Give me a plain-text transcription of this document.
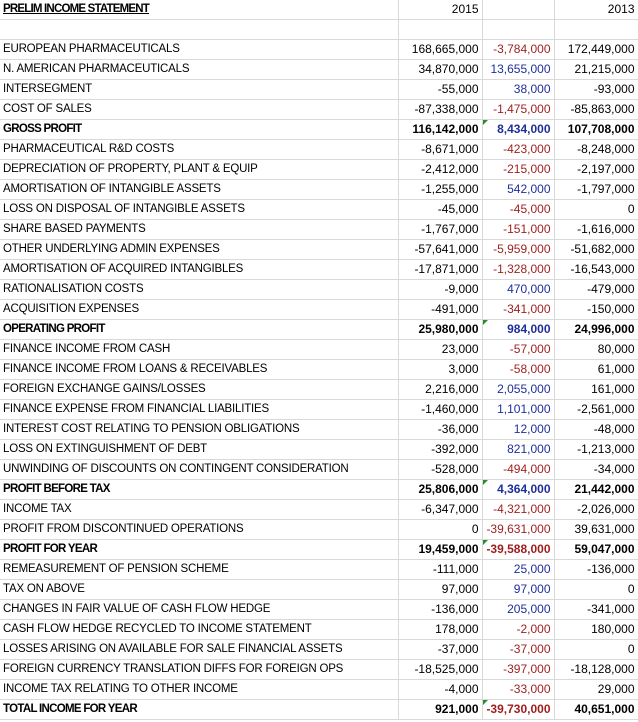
PRELIM INCOME STATEMENT	2015		2013

EUROPEAN PHARMACEUTICALS	168,665,000	-3,784,000	172,449,000
N. AMERICAN PHARMACEUTICALS	34,870,000	13,655,000	21,215,000
INTERSEGMENT	-55,000	38,000	-93,000
COST OF SALES	-87,338,000	-1,475,000	-85,863,000
GROSS PROFIT	116,142,000	8,434,000	107,708,000
PHARMACEUTICAL R&D COSTS	-8,671,000	-423,000	-8,248,000
DEPRECIATION OF PROPERTY, PLANT & EQUIP	-2,412,000	-215,000	-2,197,000
AMORTISATION OF INTANGIBLE ASSETS	-1,255,000	542,000	-1,797,000
LOSS ON DISPOSAL OF INTANGIBLE ASSETS	-45,000	-45,000	0
SHARE BASED PAYMENTS	-1,767,000	-151,000	-1,616,000
OTHER UNDERLYING ADMIN EXPENSES	-57,641,000	-5,959,000	-51,682,000
AMORTISATION OF ACQUIRED INTANGIBLES	-17,871,000	-1,328,000	-16,543,000
RATIONALISATION COSTS	-9,000	470,000	-479,000
ACQUISITION EXPENSES	-491,000	-341,000	-150,000
OPERATING PROFIT	25,980,000	984,000	24,996,000
FINANCE INCOME FROM CASH	23,000	-57,000	80,000
FINANCE INCOME FROM LOANS & RECEIVABLES	3,000	-58,000	61,000
FOREIGN EXCHANGE GAINS/LOSSES	2,216,000	2,055,000	161,000
FINANCE EXPENSE FROM FINANCIAL LIABILITIES	-1,460,000	1,101,000	-2,561,000
INTEREST COST RELATING TO PENSION OBLIGATIONS	-36,000	12,000	-48,000
LOSS ON EXTINGUISHMENT OF DEBT	-392,000	821,000	-1,213,000
UNWINDING OF DISCOUNTS ON CONTINGENT CONSIDERATION	-528,000	-494,000	-34,000
PROFIT BEFORE TAX	25,806,000	4,364,000	21,442,000
INCOME TAX	-6,347,000	-4,321,000	-2,026,000
PROFIT FROM DISCONTINUED OPERATIONS	0	-39,631,000	39,631,000
PROFIT FOR YEAR	19,459,000	-39,588,000	59,047,000
REMEASUREMENT OF PENSION SCHEME	-111,000	25,000	-136,000
TAX ON ABOVE	97,000	97,000	0
CHANGES IN FAIR VALUE OF CASH FLOW HEDGE	-136,000	205,000	-341,000
CASH FLOW HEDGE RECYCLED TO INCOME STATEMENT	178,000	-2,000	180,000
LOSSES ARISING ON AVAILABLE FOR SALE FINANCIAL ASSETS	-37,000	-37,000	0
FOREIGN CURRENCY TRANSLATION DIFFS FOR FOREIGN OPS	-18,525,000	-397,000	-18,128,000
INCOME TAX RELATING TO OTHER INCOME	-4,000	-33,000	29,000
TOTAL INCOME FOR YEAR	921,000	-39,730,000	40,651,000
